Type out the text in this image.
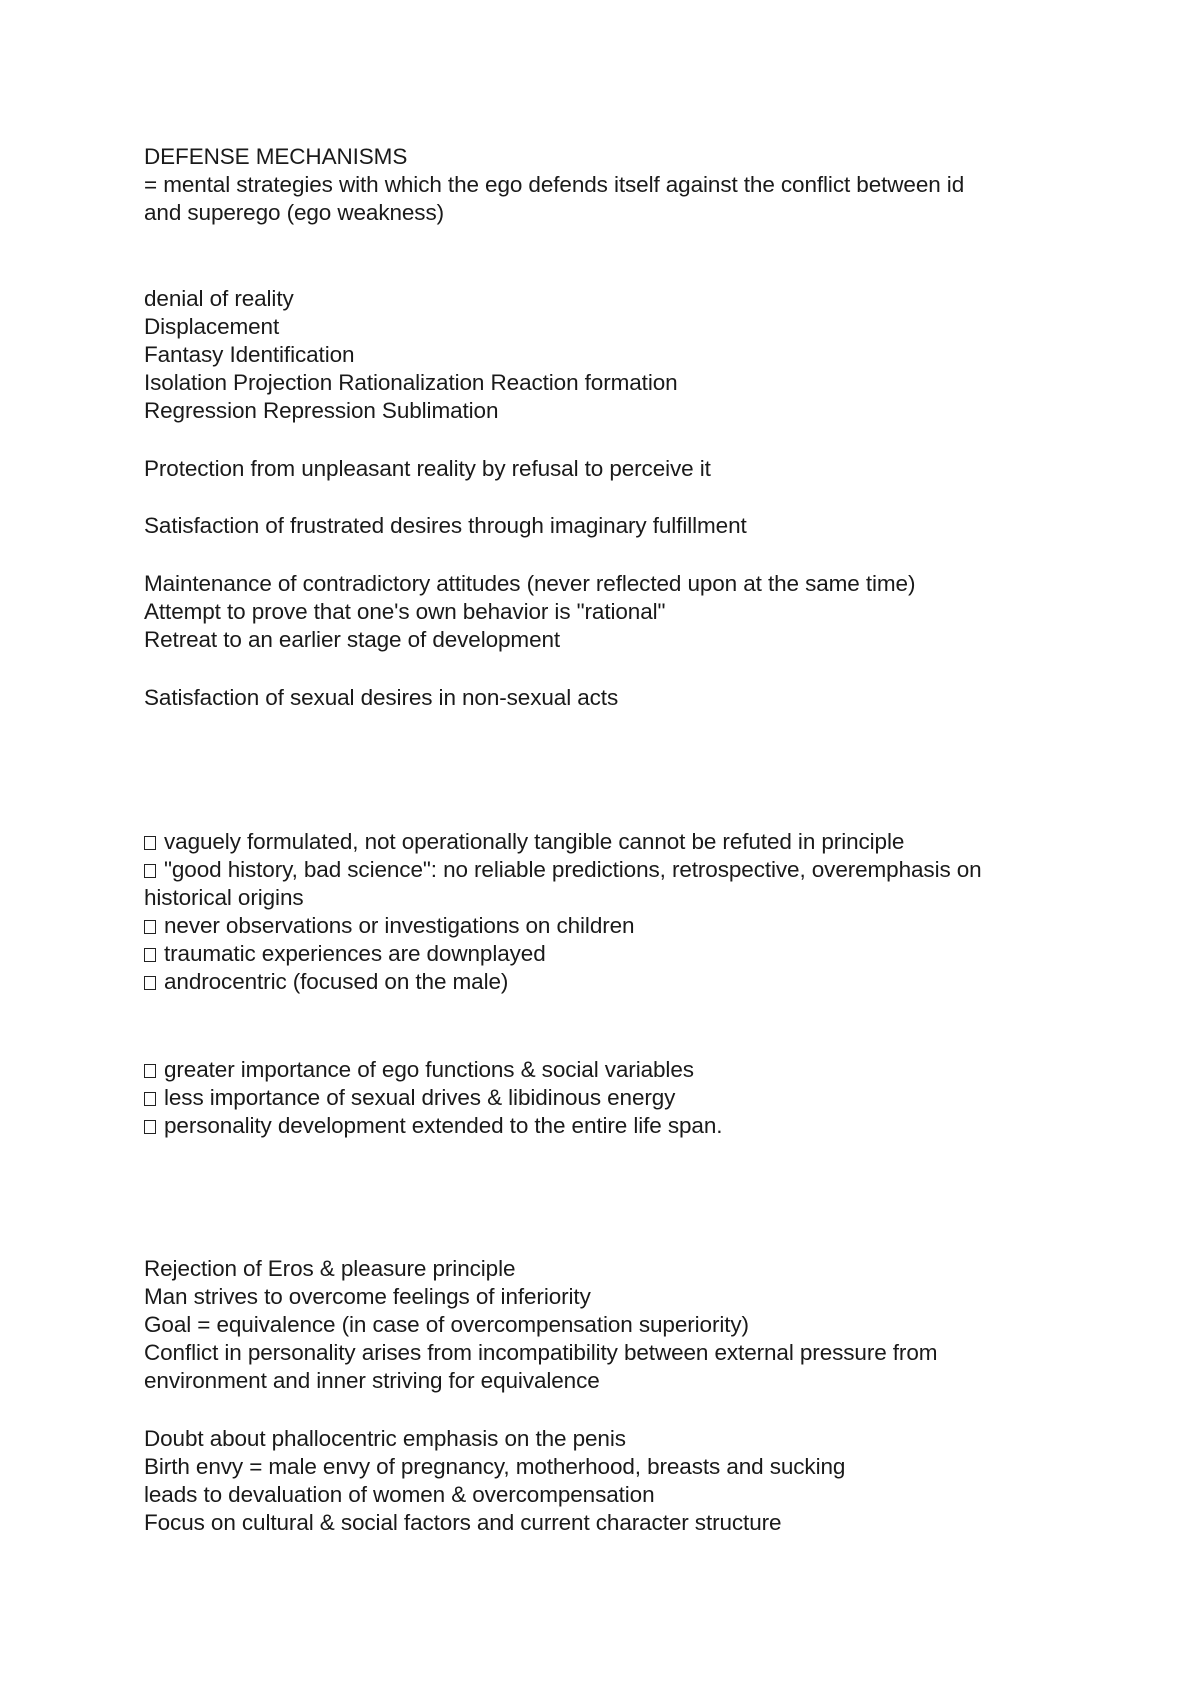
DEFENSE MECHANISMS
= mental strategies with which the ego defends itself against the conflict between id
and superego (ego weakness)
denial of reality
Displacement
Fantasy Identification
Isolation Projection Rationalization Reaction formation
Regression Repression Sublimation
Protection from unpleasant reality by refusal to perceive it
Satisfaction of frustrated desires through imaginary fulfillment
Maintenance of contradictory attitudes (never reflected upon at the same time)
Attempt to prove that one's own behavior is "rational"
Retreat to an earlier stage of development
Satisfaction of sexual desires in non-sexual acts
vaguely formulated, not operationally tangible cannot be refuted in principle
"good history, bad science": no reliable predictions, retrospective, overemphasis on
historical origins
never observations or investigations on children
traumatic experiences are downplayed
androcentric (focused on the male)
greater importance of ego functions & social variables
less importance of sexual drives & libidinous energy
personality development extended to the entire life span.
Rejection of Eros & pleasure principle
Man strives to overcome feelings of inferiority
Goal = equivalence (in case of overcompensation superiority)
Conflict in personality arises from incompatibility between external pressure from
environment and inner striving for equivalence
Doubt about phallocentric emphasis on the penis
Birth envy = male envy of pregnancy, motherhood, breasts and sucking
leads to devaluation of women & overcompensation
Focus on cultural & social factors and current character structure
